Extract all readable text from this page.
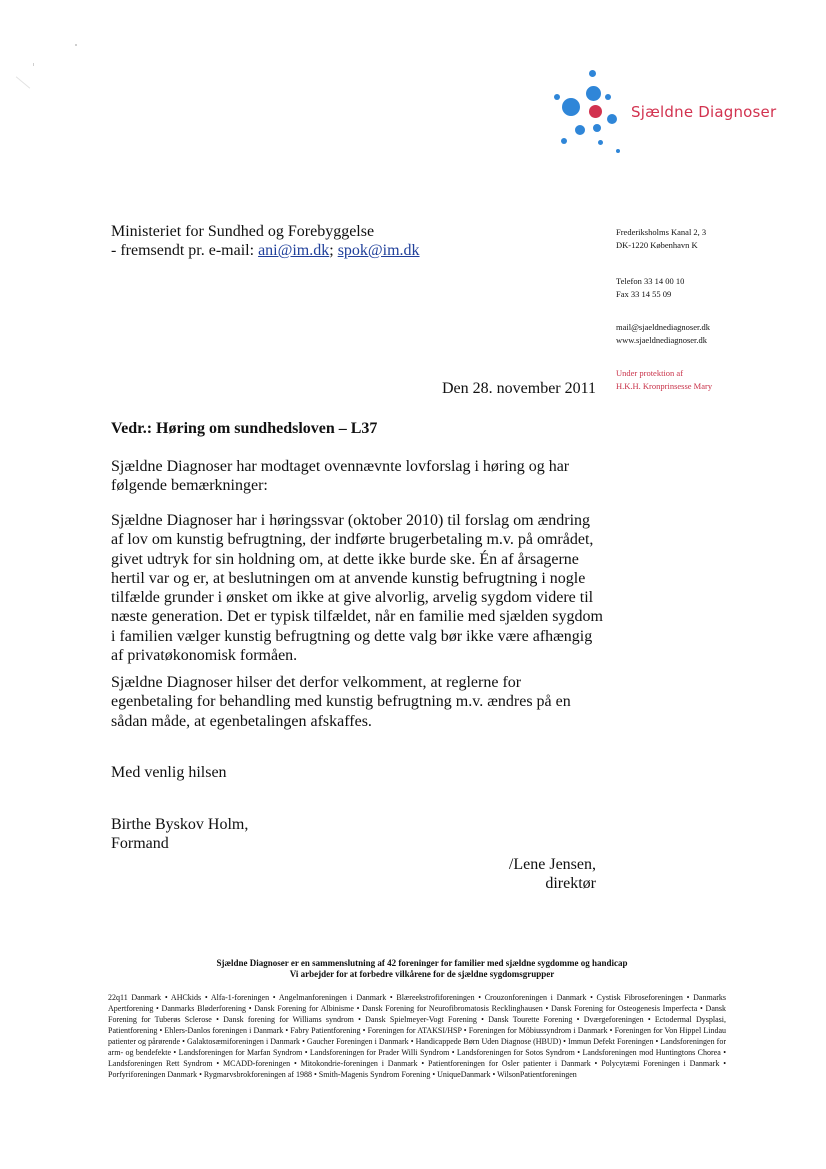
Sjældne Diagnoser
Ministeriet for Sundhed og Forebyggelse
- fremsendt pr. e-mail: ani@im.dk; spok@im.dk
Frederiksholms Kanal 2, 3
DK-1220 København K
Telefon 33 14 00 10
Fax 33 14 55 09
mail@sjaeldnediagnoser.dk
www.sjaeldnediagnoser.dk
Under protektion af
H.K.H. Kronprinsesse Mary
Den 28. november 2011
Vedr.: Høring om sundhedsloven – L37
Sjældne Diagnoser har modtaget ovennævnte lovforslag i høring og har
følgende bemærkninger:
Sjældne Diagnoser har i høringssvar (oktober 2010) til forslag om ændring
af lov om kunstig befrugtning, der indførte brugerbetaling m.v. på området,
givet udtryk for sin holdning om, at dette ikke burde ske. Én af årsagerne
hertil var og er, at beslutningen om at anvende kunstig befrugtning i nogle
tilfælde grunder i ønsket om ikke at give alvorlig, arvelig sygdom videre til
næste generation. Det er typisk tilfældet, når en familie med sjælden sygdom
i familien vælger kunstig befrugtning og dette valg bør ikke være afhængig
af privatøkonomisk formåen.
Sjældne Diagnoser hilser det derfor velkomment, at reglerne for
egenbetaling for behandling med kunstig befrugtning m.v. ændres på en
sådan måde, at egenbetalingen afskaffes.
Med venlig hilsen
Birthe Byskov Holm,
Formand
/Lene Jensen,
direktør
Sjældne Diagnoser er en sammenslutning af 42 foreninger for familier med sjældne sygdomme og handicap
Vi arbejder for at forbedre vilkårene for de sjældne sygdomsgrupper
22q11 Danmark • AHCkids • Alfa-1-foreningen • Angelmanforeningen i Danmark • Blæreekstrofiforeningen • Crouzonforeningen i Danmark • Cystisk Fibroseforeningen • Danmarks Apertforening • Danmarks Bløderforening • Dansk Forening for Albinisme • Dansk Forening for Neurofibromatosis Recklinghausen • Dansk Forening for Osteogenesis Imperfecta • Dansk Forening for Tuberøs Sclerose • Dansk forening for Williams syndrom • Dansk Spielmeyer-Vogt Forening • Dansk Tourette Forening • Dværgeforeningen • Ectodermal Dysplasi, Patientforening • Ehlers-Danlos foreningen i Danmark • Fabry Patientforening • Foreningen for ATAKSI/HSP • Foreningen for Möbiussyndrom i Danmark • Foreningen for Von Hippel Lindau patienter og pårørende • Galaktosæmiforeningen i Danmark • Gaucher Foreningen i Danmark • Handicappede Børn Uden Diagnose (HBUD) • Immun Defekt Foreningen • Landsforeningen for arm- og bendefekte • Landsforeningen for Marfan Syndrom • Landsforeningen for Prader Willi Syndrom • Landsforeningen for Sotos Syndrom • Landsforeningen mod Huntingtons Chorea • Landsforeningen Rett Syndrom • MCADD-foreningen • Mitokondrie-foreningen i Danmark • Patientforeningen for Osler patienter i Danmark • Polycytæmi Foreningen i Danmark • Porfyriforeningen Danmark • Rygmarvsbrokforeningen af 1988 • Smith-Magenis Syndrom Forening • UniqueDanmark • WilsonPatientforeningen
